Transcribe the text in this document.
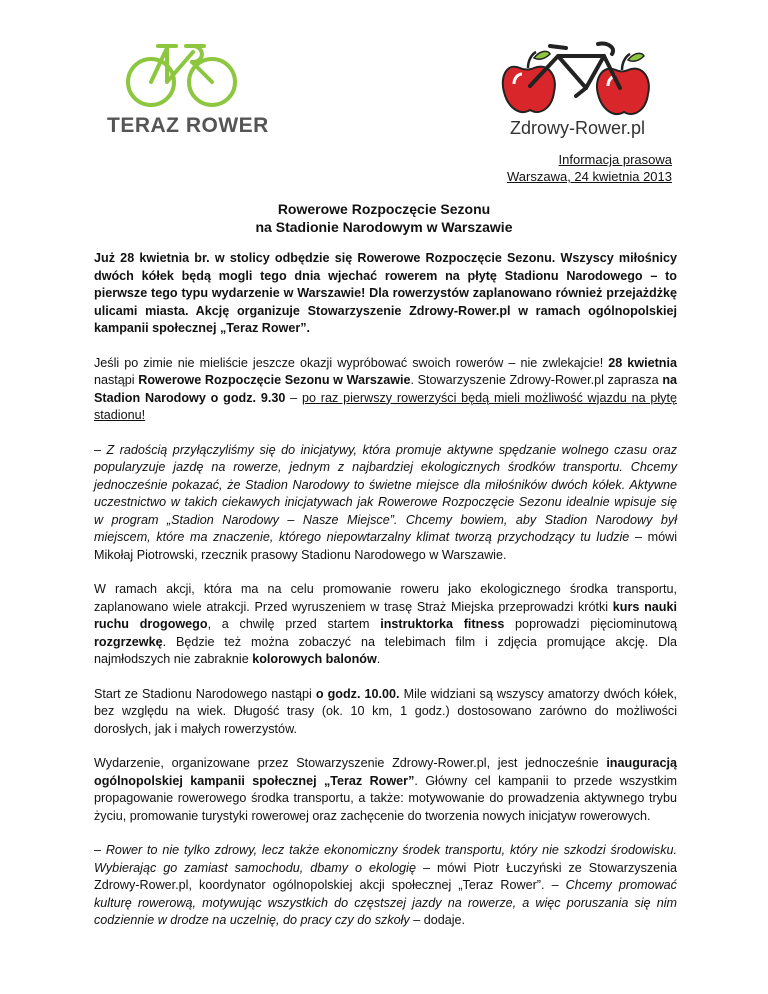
TERAZ ROWER	Zdrowy-Rower.pl
Informacja prasowa
Warszawa, 24 kwietnia 2013
Rowerowe Rozpoczęcie Sezonu
na Stadionie Narodowym w Warszawie

Już 28 kwietnia br. w stolicy odbędzie się Rowerowe Rozpoczęcie Sezonu. Wszyscy miłośnicy dwóch kółek będą mogli tego dnia wjechać rowerem na płytę Stadionu Narodowego – to pierwsze tego typu wydarzenie w Warszawie! Dla rowerzystów zaplanowano również przejażdżkę ulicami miasta. Akcję organizuje Stowarzyszenie Zdrowy-Rower.pl w ramach ogólnopolskiej kampanii społecznej „Teraz Rower”.

Jeśli po zimie nie mieliście jeszcze okazji wypróbować swoich rowerów – nie zwlekajcie! 28 kwietnia nastąpi Rowerowe Rozpoczęcie Sezonu w Warszawie. Stowarzyszenie Zdrowy-Rower.pl zaprasza na Stadion Narodowy o godz. 9.30 – po raz pierwszy rowerzyści będą mieli możliwość wjazdu na płytę stadionu!

– Z radością przyłączyliśmy się do inicjatywy, która promuje aktywne spędzanie wolnego czasu oraz popularyzuje jazdę na rowerze, jednym z najbardziej ekologicznych środków transportu. Chcemy jednocześnie pokazać, że Stadion Narodowy to świetne miejsce dla miłośników dwóch kółek. Aktywne uczestnictwo w takich ciekawych inicjatywach jak Rowerowe Rozpoczęcie Sezonu idealnie wpisuje się w program „Stadion Narodowy – Nasze Miejsce”. Chcemy bowiem, aby Stadion Narodowy był miejscem, które ma znaczenie, którego niepowtarzalny klimat tworzą przychodzący tu ludzie – mówi Mikołaj Piotrowski, rzecznik prasowy Stadionu Narodowego w Warszawie.

W ramach akcji, która ma na celu promowanie roweru jako ekologicznego środka transportu, zaplanowano wiele atrakcji. Przed wyruszeniem w trasę Straż Miejska przeprowadzi krótki kurs nauki ruchu drogowego, a chwilę przed startem instruktorka fitness poprowadzi pięciominutową rozgrzewkę. Będzie też można zobaczyć na telebimach film i zdjęcia promujące akcję. Dla najmłodszych nie zabraknie kolorowych balonów.

Start ze Stadionu Narodowego nastąpi o godz. 10.00. Mile widziani są wszyscy amatorzy dwóch kółek, bez względu na wiek. Długość trasy (ok. 10 km, 1 godz.) dostosowano zarówno do możliwości dorosłych, jak i małych rowerzystów.

Wydarzenie, organizowane przez Stowarzyszenie Zdrowy-Rower.pl, jest jednocześnie inauguracją ogólnopolskiej kampanii społecznej „Teraz Rower”. Główny cel kampanii to przede wszystkim propagowanie rowerowego środka transportu, a także: motywowanie do prowadzenia aktywnego trybu życiu, promowanie turystyki rowerowej oraz zachęcenie do tworzenia nowych inicjatyw rowerowych.

– Rower to nie tylko zdrowy, lecz także ekonomiczny środek transportu, który nie szkodzi środowisku. Wybierając go zamiast samochodu, dbamy o ekologię – mówi Piotr Łuczyński ze Stowarzyszenia Zdrowy-Rower.pl, koordynator ogólnopolskiej akcji społecznej „Teraz Rower”. – Chcemy promować kulturę rowerową, motywując wszystkich do częstszej jazdy na rowerze, a więc poruszania się nim codziennie w drodze na uczelnię, do pracy czy do szkoły – dodaje.
